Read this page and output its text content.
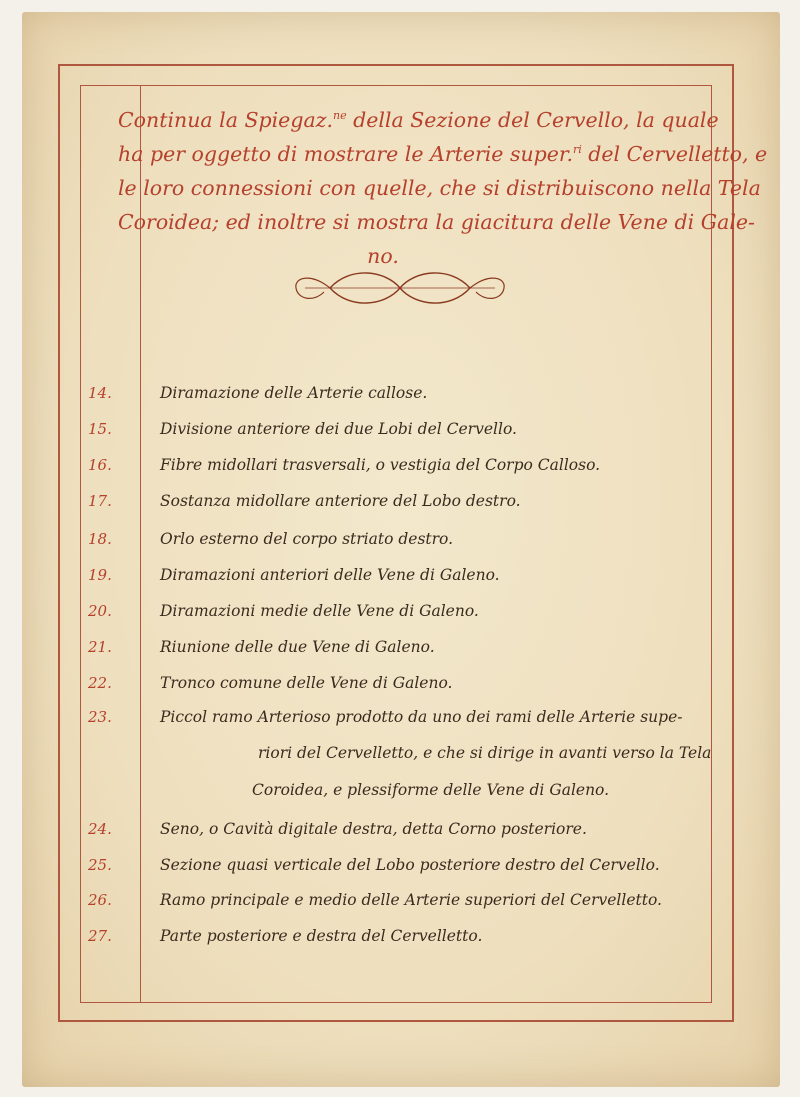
Continua la Spiegaz.$^{ne}$ della Sezione del Cervello, la quale
ha per oggetto di mostrare le Arterie super.$^{ri}$ del Cervelletto, e
le loro connessioni con quelle, che si distribuiscono nella Tela
Coroidea; ed inoltre si mostra la giacitura delle Vene di Gale-
no.
14.	Diramazione delle Arterie callose.
15.	Divisione anteriore dei due Lobi del Cervello.
16.	Fibre midollari trasversali, o vestigia del Corpo Calloso.
17.	Sostanza midollare anteriore del Lobo destro.
18.	Orlo esterno del corpo striato destro.
19.	Diramazioni anteriori delle Vene di Galeno.
20.	Diramazioni medie delle Vene di Galeno.
21.	Riunione delle due Vene di Galeno.
22.	Tronco comune delle Vene di Galeno.
23.	Piccol ramo Arterioso prodotto da uno dei rami delle Arterie supe-
riori del Cervelletto, e che si dirige in avanti verso la Tela
Coroidea, e plessiforme delle Vene di Galeno.
24.	Seno, o Cavità digitale destra, detta Corno posteriore.
25.	Sezione quasi verticale del Lobo posteriore destro del Cervello.
26.	Ramo principale e medio delle Arterie superiori del Cervelletto.
27.	Parte posteriore e destra del Cervelletto.
